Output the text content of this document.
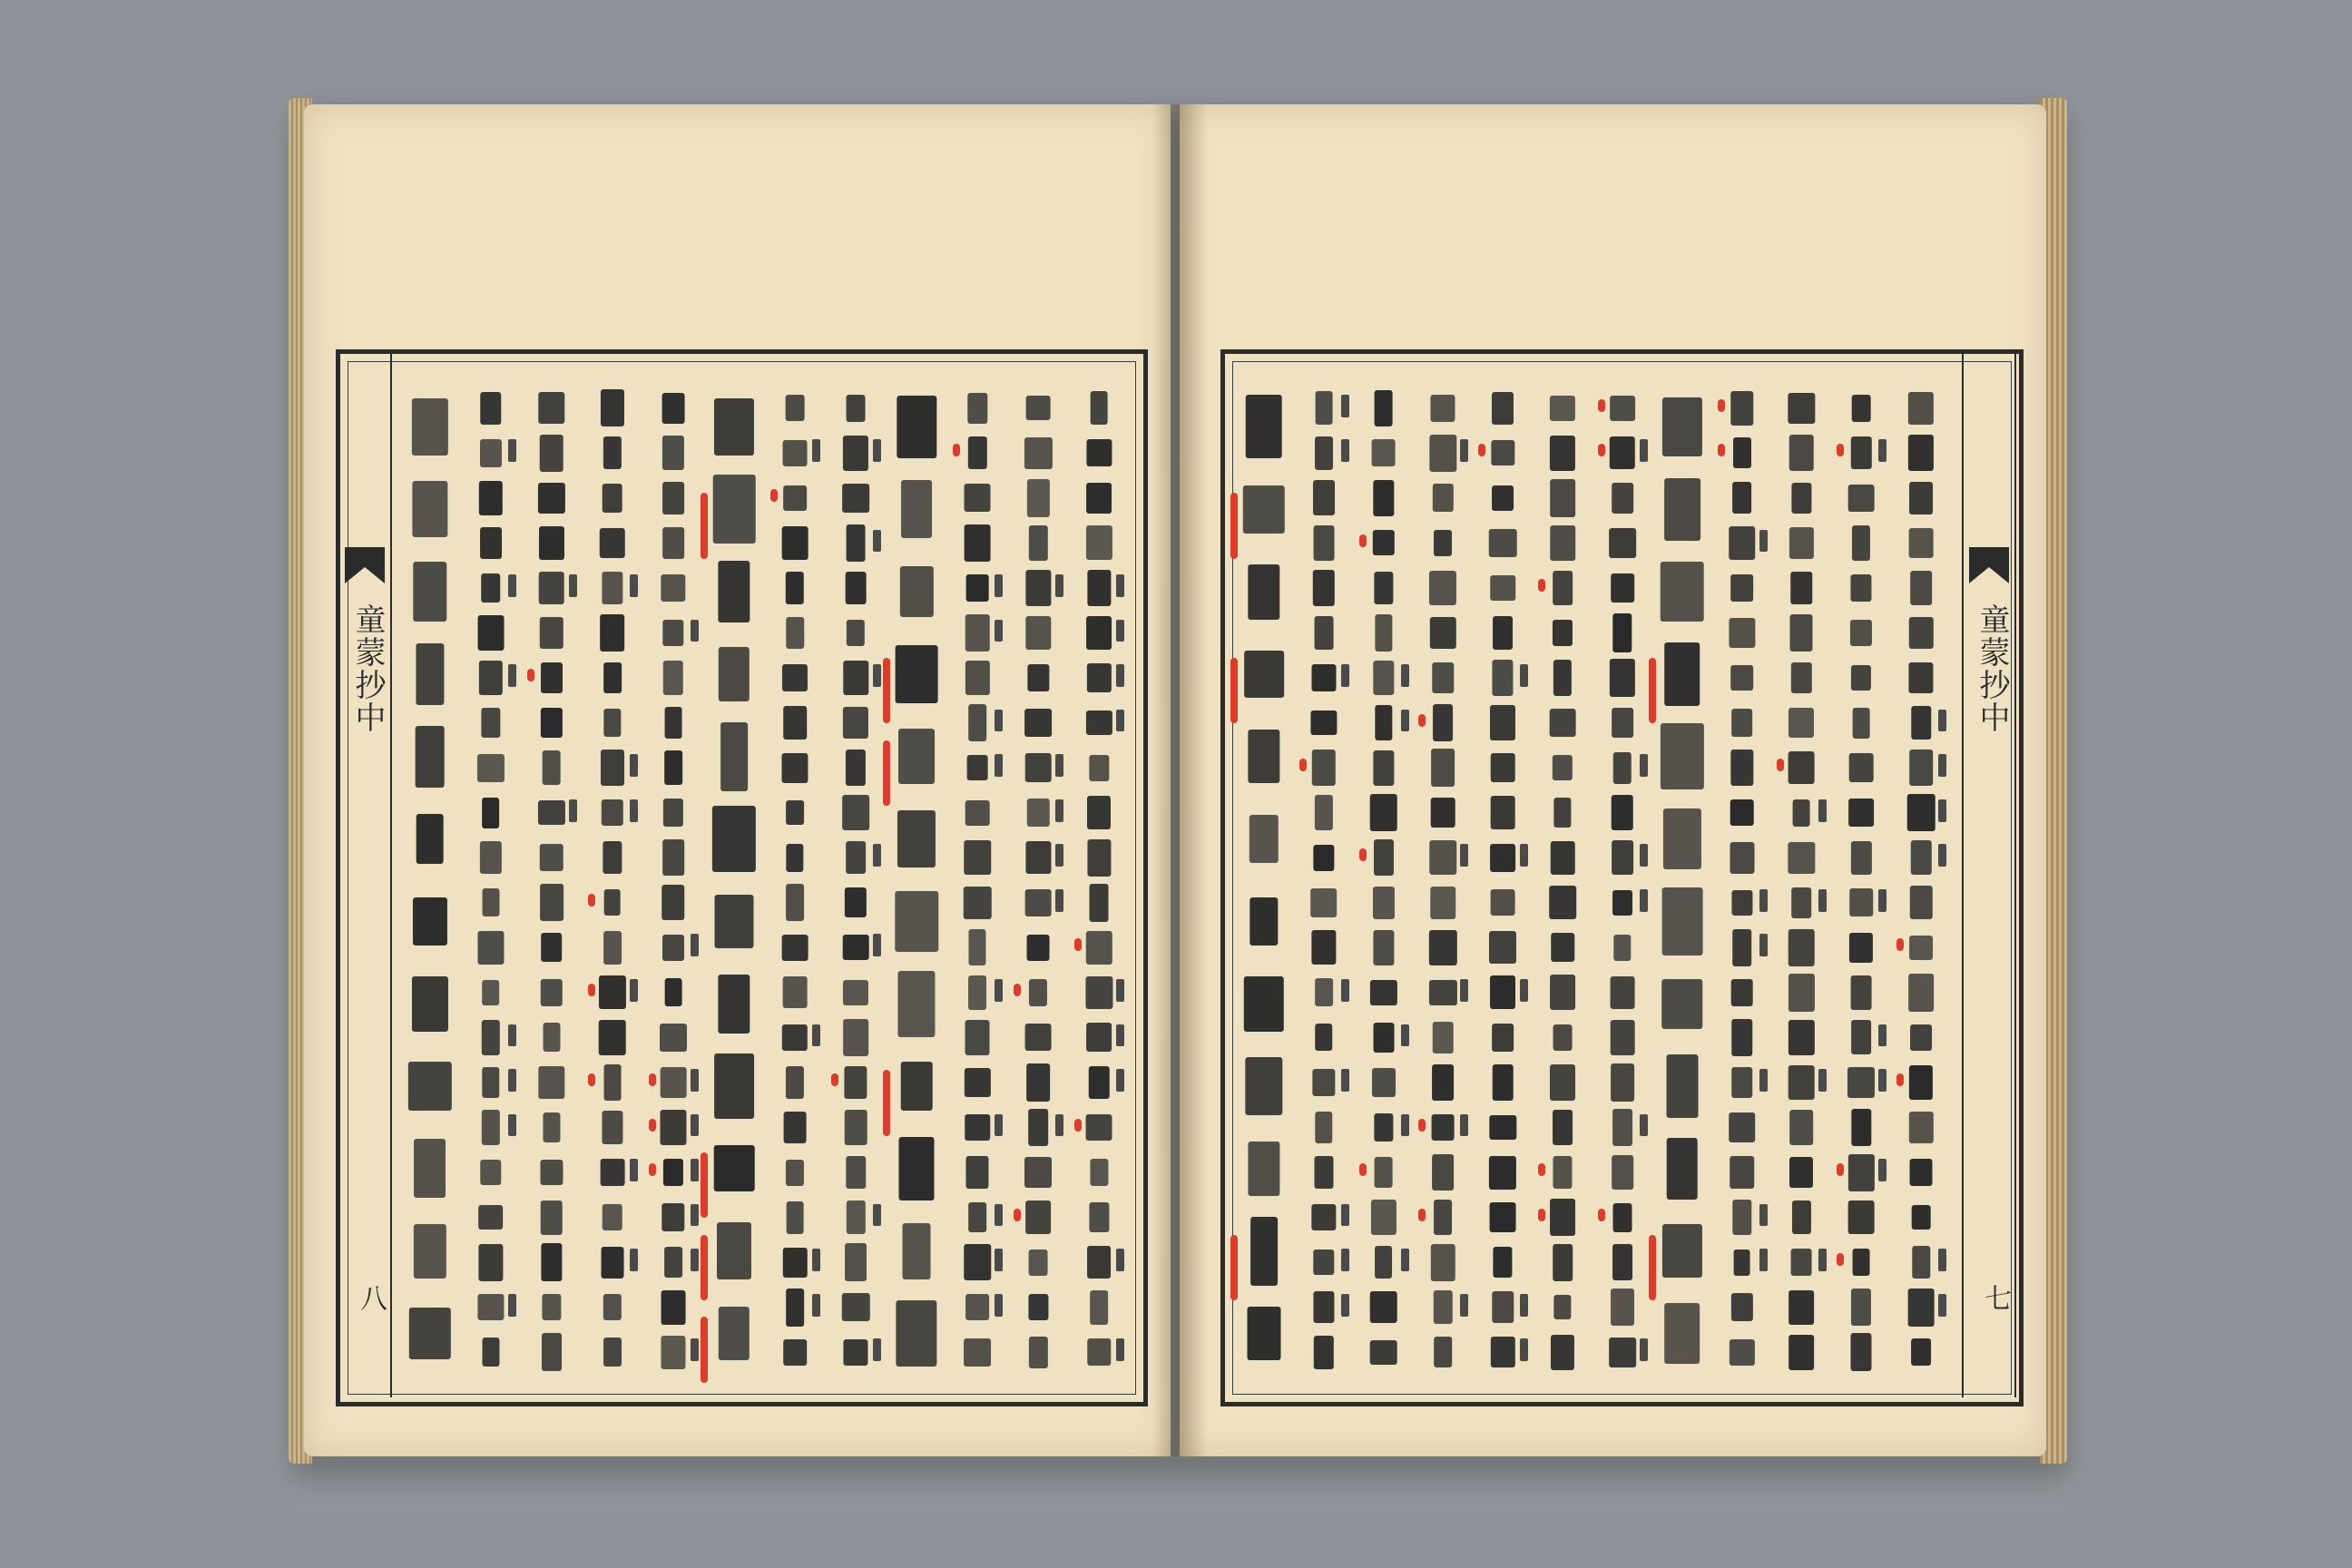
童蒙抄中
八
童蒙抄中
七
